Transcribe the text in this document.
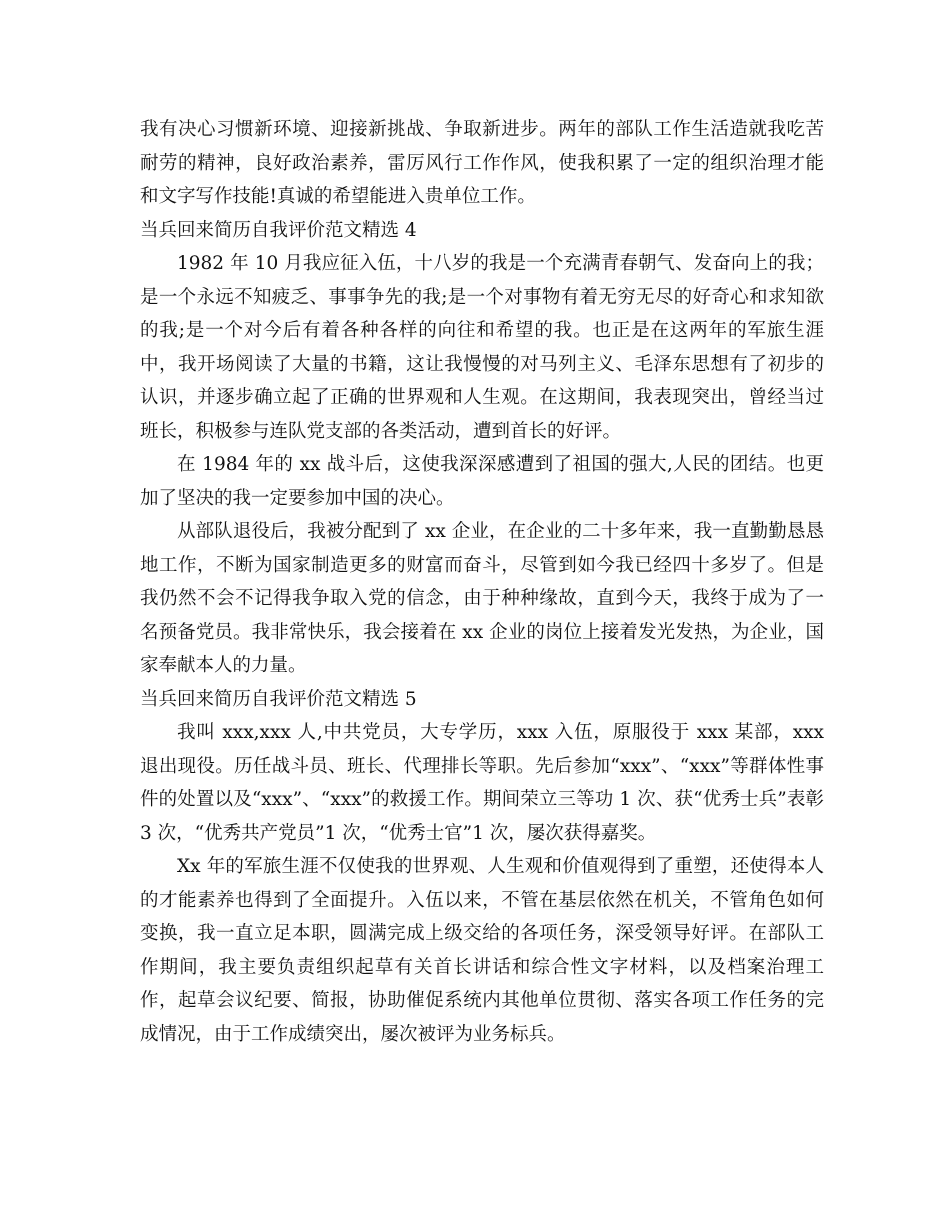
我有决心习惯新环境、迎接新挑战、争取新进步。两年的部队工作生活造就我吃苦耐劳的精神，良好政治素养，雷厉风行工作作风，使我积累了一定的组织治理才能和文字写作技能!真诚的希望能进入贵单位工作。

当兵回来简历自我评价范文精选 4

1982 年 10 月我应征入伍，十八岁的我是一个充满青春朝气、发奋向上的我；是一个永远不知疲乏、事事争先的我;是一个对事物有着无穷无尽的好奇心和求知欲的我;是一个对今后有着各种各样的向往和希望的我。也正是在这两年的军旅生涯中，我开场阅读了大量的书籍，这让我慢慢的对马列主义、毛泽东思想有了初步的认识，并逐步确立起了正确的世界观和人生观。在这期间，我表现突出，曾经当过班长，积极参与连队党支部的各类活动，遭到首长的好评。

在 1984 年的 xx 战斗后，这使我深深感遭到了祖国的强大,人民的团结。也更加了坚决的我一定要参加中国的决心。

从部队退役后，我被分配到了 xx 企业，在企业的二十多年来，我一直勤勤恳恳地工作，不断为国家制造更多的财富而奋斗，尽管到如今我已经四十多岁了。但是我仍然不会不记得我争取入党的信念，由于种种缘故，直到今天，我终于成为了一名预备党员。我非常快乐，我会接着在 xx 企业的岗位上接着发光发热，为企业，国家奉献本人的力量。

当兵回来简历自我评价范文精选 5

我叫 xxx,xxx 人,中共党员，大专学历，xxx 入伍，原服役于 xxx 某部，xxx 退出现役。历任战斗员、班长、代理排长等职。先后参加“xxx”、“xxx”等群体性事件的处置以及“xxx”、“xxx”的救援工作。期间荣立三等功 1 次、获“优秀士兵”表彰 3 次，“优秀共产党员”1 次，“优秀士官”1 次，屡次获得嘉奖。

Xx 年的军旅生涯不仅使我的世界观、人生观和价值观得到了重塑，还使得本人的才能素养也得到了全面提升。入伍以来，不管在基层依然在机关，不管角色如何变换，我一直立足本职，圆满完成上级交给的各项任务，深受领导好评。在部队工作期间，我主要负责组织起草有关首长讲话和综合性文字材料，以及档案治理工作，起草会议纪要、简报，协助催促系统内其他单位贯彻、落实各项工作任务的完成情况，由于工作成绩突出，屡次被评为业务标兵。
